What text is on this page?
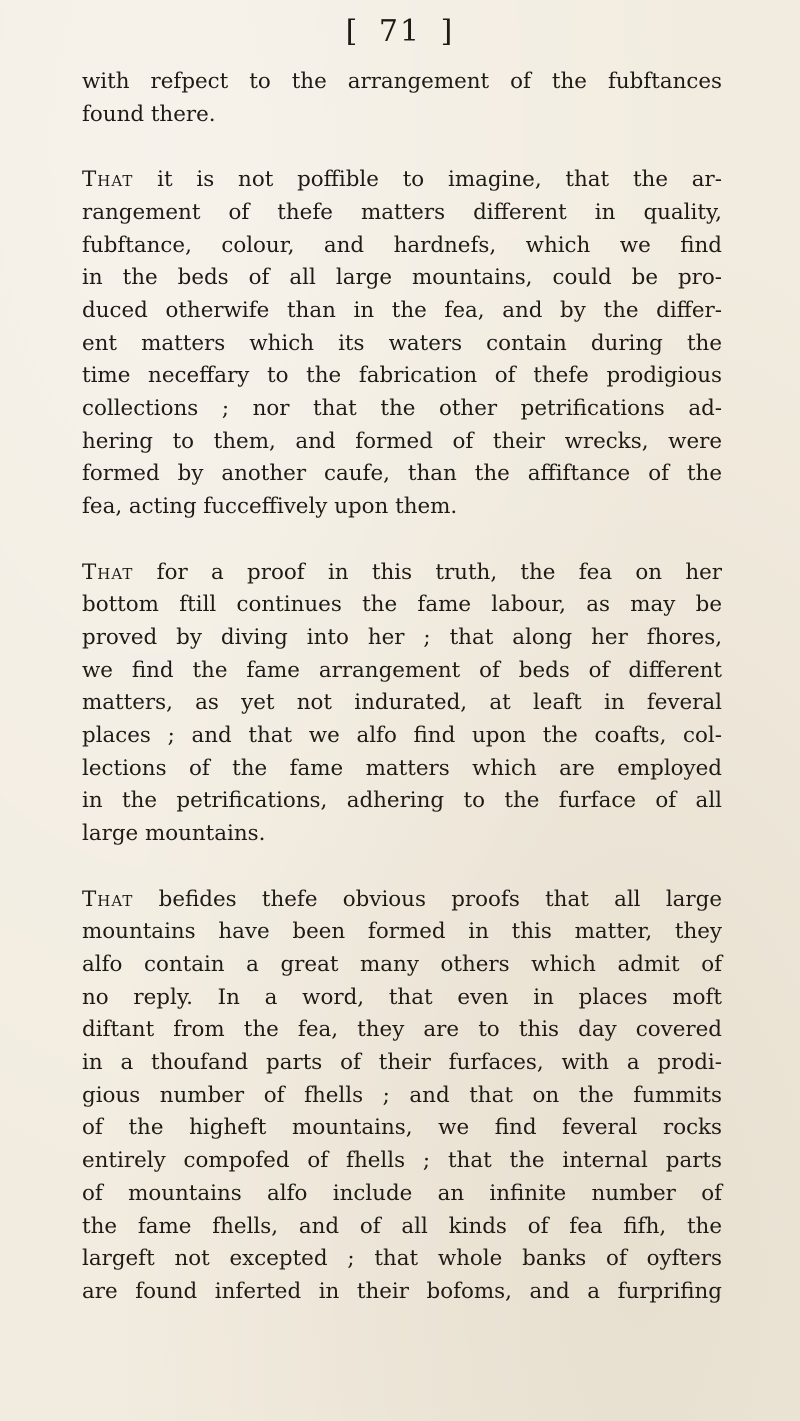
[ 71 ]
with refpect to the arrangement of the fubftances
found there.
That it is not poffible to imagine, that the ar-
rangement of thefe matters different in quality,
fubftance, colour, and hardnefs, which we find
in the beds of all large mountains, could be pro-
duced otherwife than in the fea, and by the differ-
ent matters which its waters contain during the
time neceffary to the fabrication of thefe prodigious
collections ; nor that the other petrifications ad-
hering to them, and formed of their wrecks, were
formed by another caufe, than the affiftance of the
fea, acting fucceffively upon them.
That for a proof in this truth, the fea on her
bottom ftill continues the fame labour, as may be
proved by diving into her ; that along her fhores,
we find the fame arrangement of beds of different
matters, as yet not indurated, at leaft in feveral
places ; and that we alfo find upon the coafts, col-
lections of the fame matters which are employed
in the petrifications, adhering to the furface of all
large mountains.
That befides thefe obvious proofs that all large
mountains have been formed in this matter, they
alfo contain a great many others which admit of
no reply. In a word, that even in places moft
diftant from the fea, they are to this day covered
in a thoufand parts of their furfaces, with a prodi-
gious number of fhells ; and that on the fummits
of the higheft mountains, we find feveral rocks
entirely compofed of fhells ; that the internal parts
of mountains alfo include an infinite number of
the fame fhells, and of all kinds of fea fifh, the
largeft not excepted ; that whole banks of oyfters
are found inferted in their bofoms, and a furprifing
